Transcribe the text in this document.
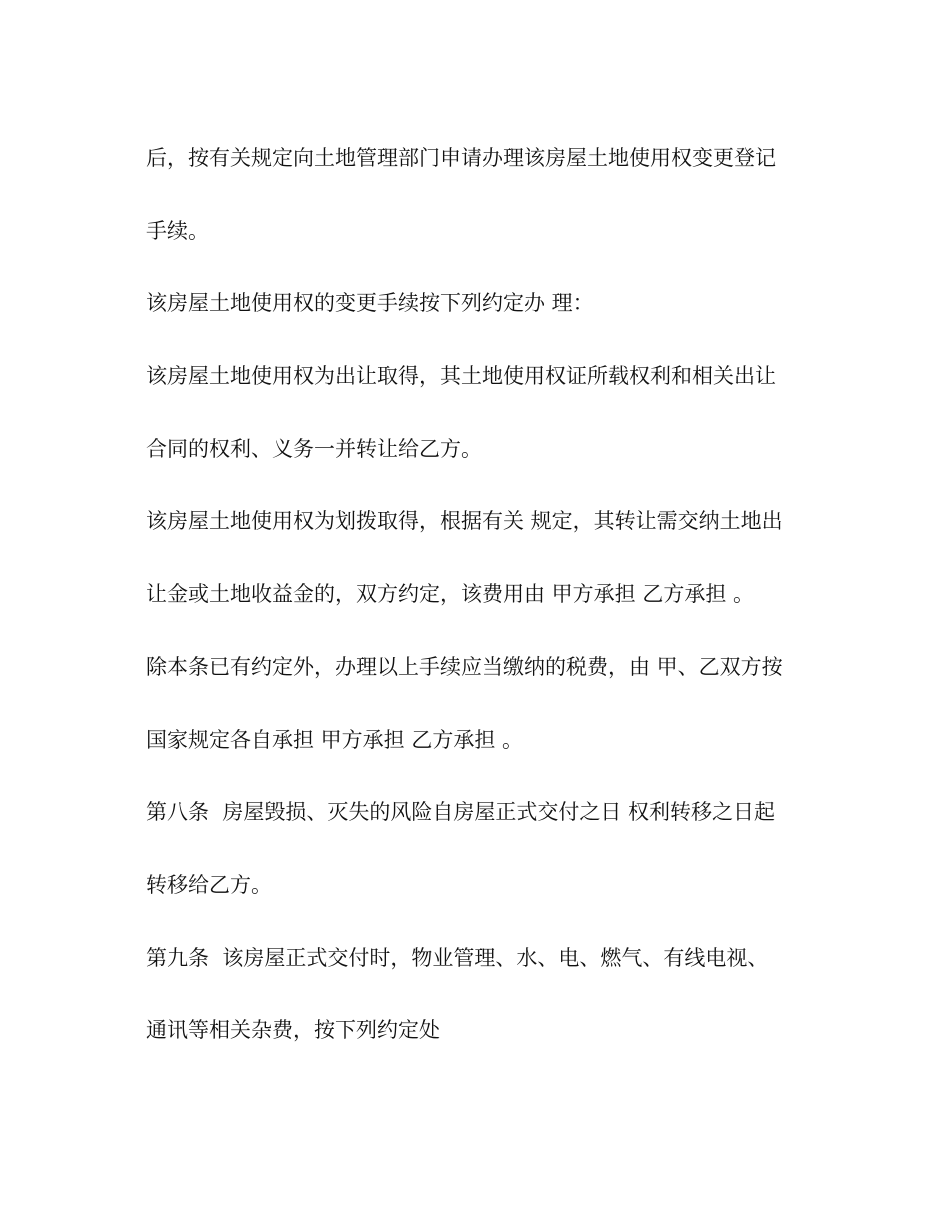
后，按有关规定向土地管理部门申请办理该房屋土地使用权变更登记
手续。
该房屋土地使用权的变更手续按下列约定办 理：
该房屋土地使用权为出让取得，其土地使用权证所载权利和相关出让
合同的权利、义务一并转让给乙方。
该房屋土地使用权为划拨取得，根据有关 规定，其转让需交纳土地出
让金或土地收益金的，双方约定，该费用由 甲方承担 乙方承担 。
除本条已有约定外，办理以上手续应当缴纳的税费，由 甲、乙双方按
国家规定各自承担 甲方承担 乙方承担 。
第八条  房屋毁损、灭失的风险自房屋正式交付之日 权利转移之日起
转移给乙方。
第九条  该房屋正式交付时，物业管理、水、电、燃气、有线电视、
通讯等相关杂费，按下列约定处
